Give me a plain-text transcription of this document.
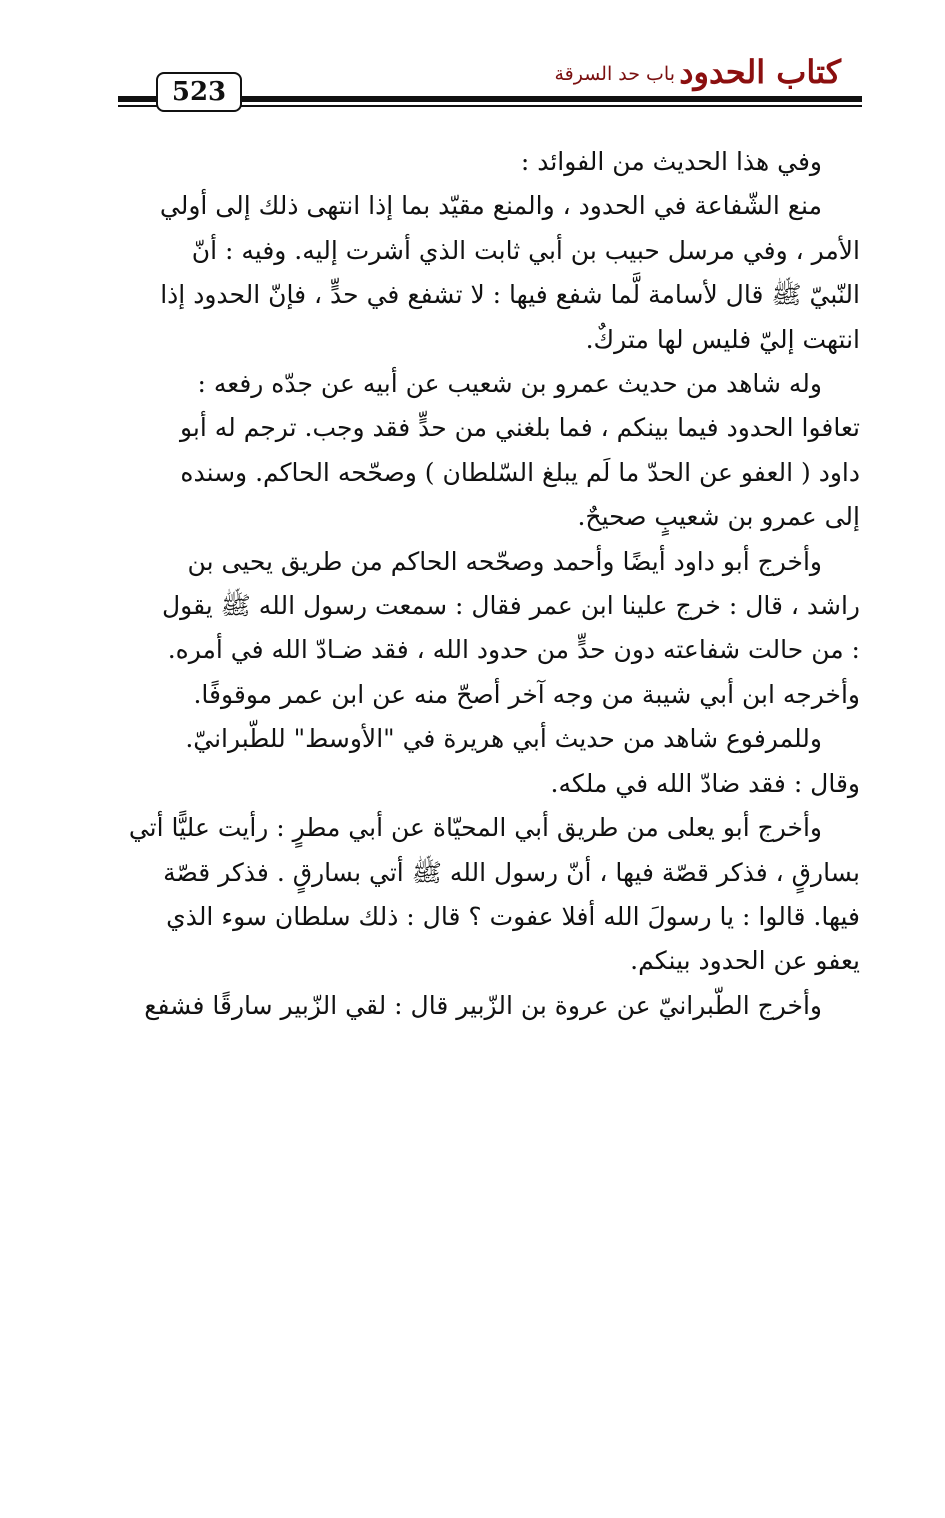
كتاب الحدود
باب حد السرقة
523

وفي هذا الحديث من الفوائد :

منع الشّفاعة في الحدود ، والمنع مقيّد بما إذا انتهى ذلك إلى أولي
الأمر ، وفي مرسل حبيب بن أبي ثابت الذي أشرت إليه. وفيه : أنّ
النّبيّ ﷺ قال لأسامة لَّما شفع فيها : لا تشفع في حدٍّ ، فإنّ الحدود إذا
انتهت إليّ فليس لها متركٌ.

وله شاهد من حديث عمرو بن شعيب عن أبيه عن جدّه رفعه :
تعافوا الحدود فيما بينكم ، فما بلغني من حدٍّ فقد وجب. ترجم له أبو
داود ( العفو عن الحدّ ما لَم يبلغ السّلطان ) وصحّحه الحاكم. وسنده
إلى عمرو بن شعيبٍ صحيحٌ.

وأخرج أبو داود أيضًا وأحمد وصحّحه الحاكم من طريق يحيى بن
راشد ، قال : خرج علينا ابن عمر فقال : سمعت رسول الله ﷺ يقول
: من حالت شفاعته دون حدٍّ من حدود الله ، فقد ضـادّ الله في أمره.
وأخرجه ابن أبي شيبة من وجه آخر أصحّ منه عن ابن عمر موقوفًا.

وللمرفوع شاهد من حديث أبي هريرة في "الأوسط" للطّبرانيّ.
وقال : فقد ضادّ الله في ملكه.

وأخرج أبو يعلى من طريق أبي المحيّاة عن أبي مطرٍ : رأيت عليًّا أتي
بسارقٍ ، فذكر قصّة فيها ، أنّ رسول الله ﷺ أتي بسارقٍ . فذكر قصّة
فيها. قالوا : يا رسولَ الله أفلا عفوت ؟ قال : ذلك سلطان سوء الذي
يعفو عن الحدود بينكم.

وأخرج الطّبرانيّ عن عروة بن الزّبير قال : لقي الزّبير سارقًا فشفع
